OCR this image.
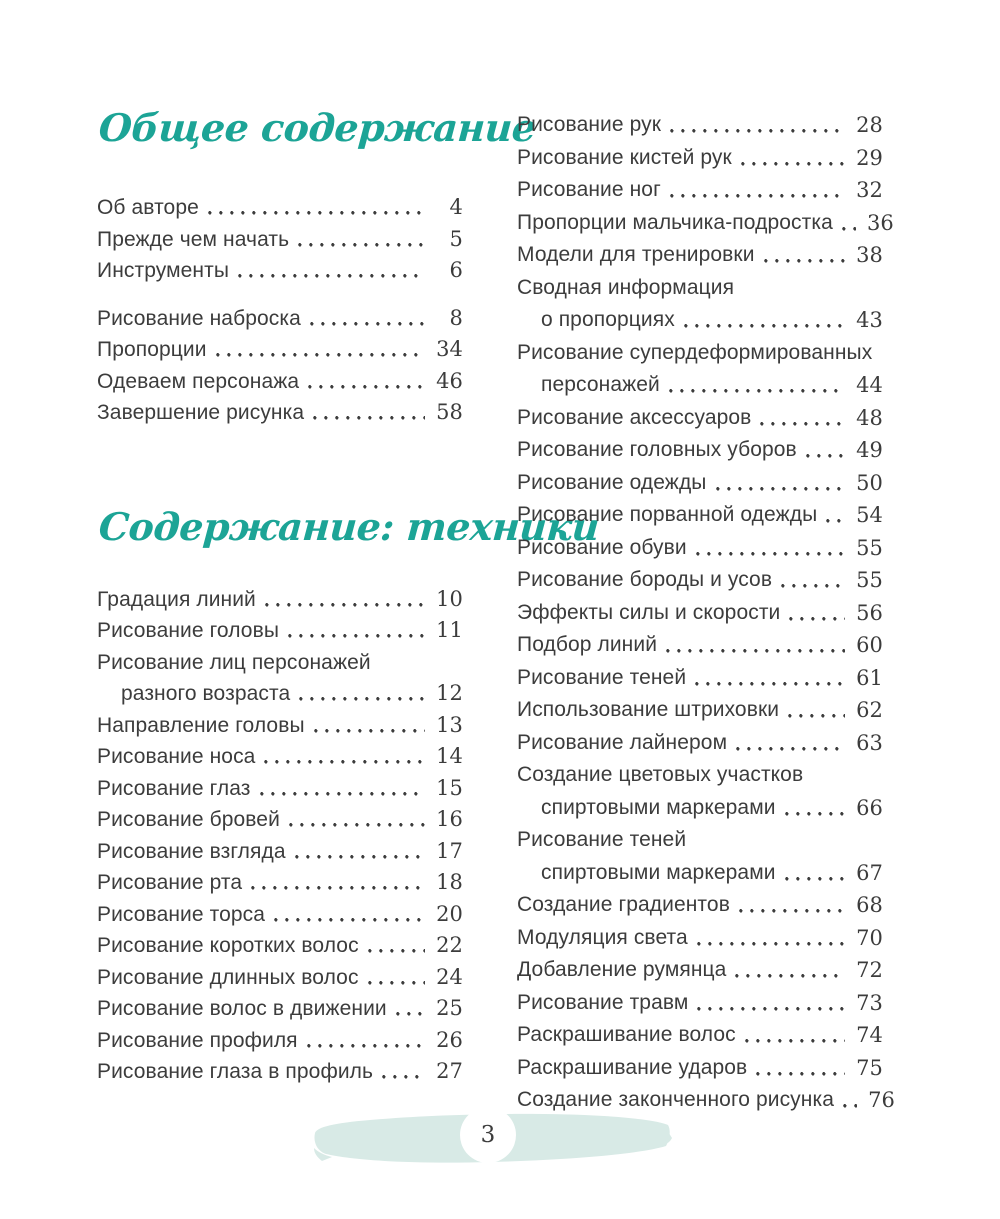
Общее содержание
Об авторе	4
Прежде чем начать	5
Инструменты	6
Рисование наброска	8
Пропорции	34
Одеваем персонажа	46
Завершение рисунка	58
Содержание: техники
Градация линий	10
Рисование головы	11
Рисование лиц персонажей
разного возраста	12
Направление головы	13
Рисование носа	14
Рисование глаз	15
Рисование бровей	16
Рисование взгляда	17
Рисование рта	18
Рисование торса	20
Рисование коротких волос	22
Рисование длинных волос	24
Рисование волос в движении	25
Рисование профиля	26
Рисование глаза в профиль	27
Рисование рук	28
Рисование кистей рук	29
Рисование ног	32
Пропорции мальчика-подростка	36
Модели для тренировки	38
Сводная информация
о пропорциях	43
Рисование супердеформированных
персонажей	44
Рисование аксессуаров	48
Рисование головных уборов	49
Рисование одежды	50
Рисование порванной одежды	54
Рисование обуви	55
Рисование бороды и усов	55
Эффекты силы и скорости	56
Подбор линий	60
Рисование теней	61
Использование штриховки	62
Рисование лайнером	63
Создание цветовых участков
спиртовыми маркерами	66
Рисование теней
спиртовыми маркерами	67
Создание градиентов	68
Модуляция света	70
Добавление румянца	72
Рисование травм	73
Раскрашивание волос	74
Раскрашивание ударов	75
Создание законченного рисунка	76
3
